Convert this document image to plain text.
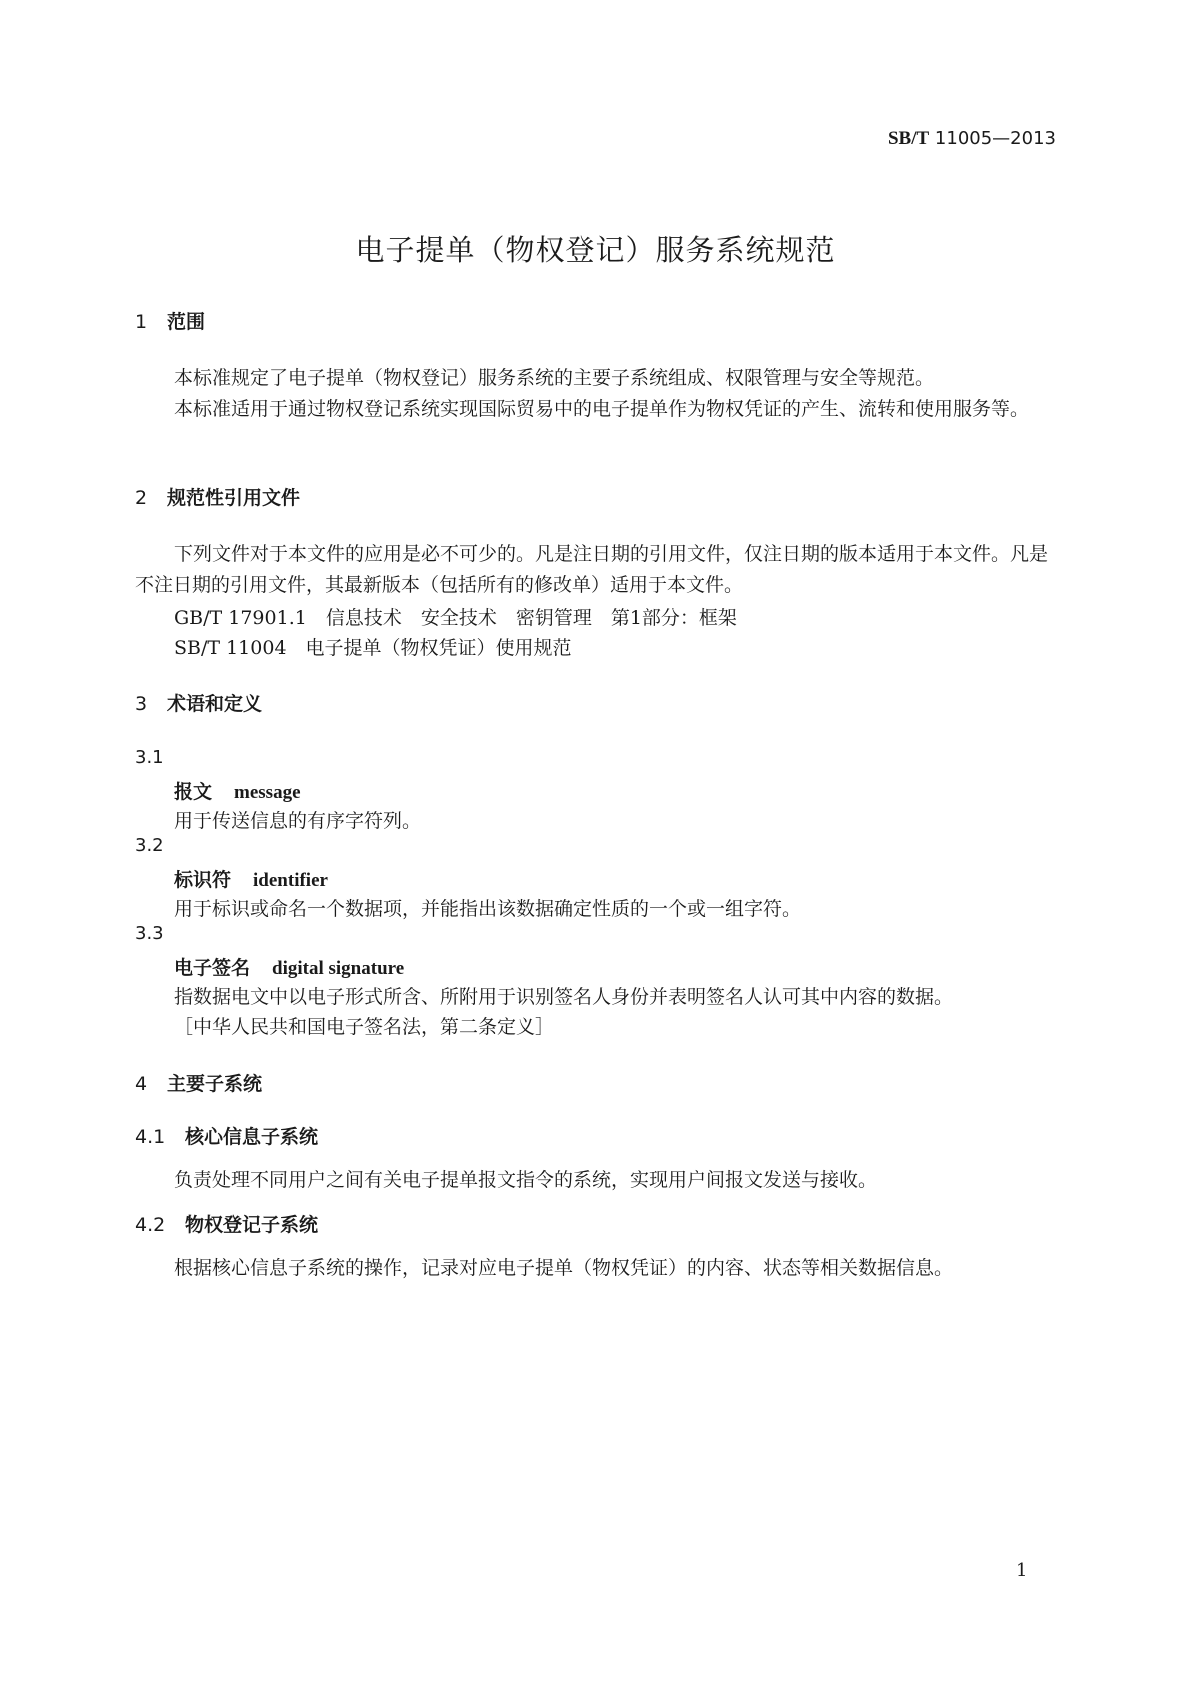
SB/T 11005—2013
电子提单（物权登记）服务系统规范
1 范围
本标准规定了电子提单（物权登记）服务系统的主要子系统组成、权限管理与安全等规范。
本标准适用于通过物权登记系统实现国际贸易中的电子提单作为物权凭证的产生、流转和使用服务等。
2 规范性引用文件
下列文件对于本文件的应用是必不可少的。凡是注日期的引用文件，仅注日期的版本适用于本文件。凡是不注日期的引用文件，其最新版本（包括所有的修改单）适用于本文件。
GB/T 17901.1　信息技术　安全技术　密钥管理　第1部分：框架
SB/T 11004　电子提单（物权凭证）使用规范
3 术语和定义
3.1
报文 message
用于传送信息的有序字符列。
3.2
标识符 identifier
用于标识或命名一个数据项，并能指出该数据确定性质的一个或一组字符。
3.3
电子签名 digital signature
指数据电文中以电子形式所含、所附用于识别签名人身份并表明签名人认可其中内容的数据。
［中华人民共和国电子签名法，第二条定义］
4 主要子系统
4.1 核心信息子系统
负责处理不同用户之间有关电子提单报文指令的系统，实现用户间报文发送与接收。
4.2 物权登记子系统
根据核心信息子系统的操作，记录对应电子提单（物权凭证）的内容、状态等相关数据信息。
1
